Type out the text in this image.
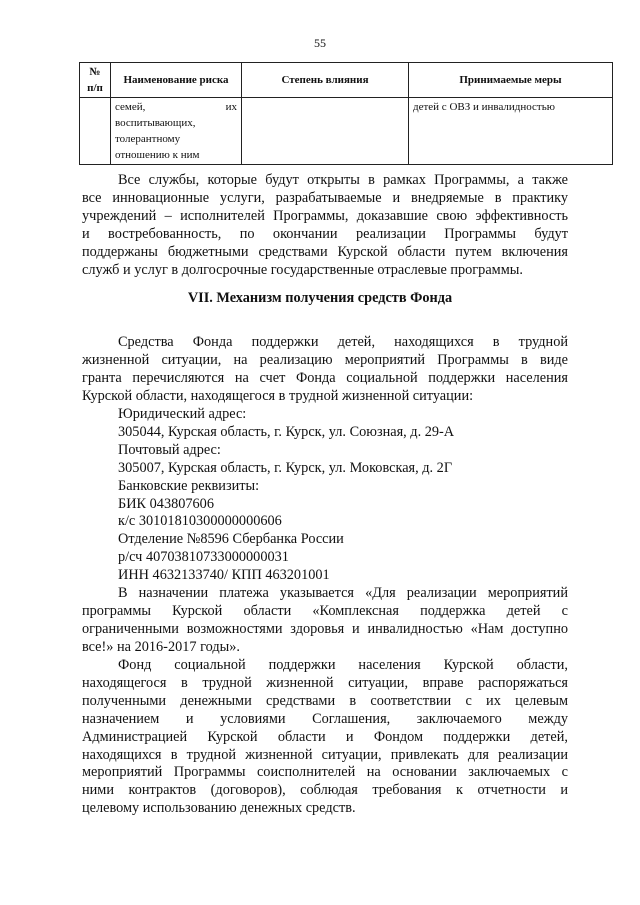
55
№ п/п	Наименование риска	Степень влияния	Принимаемые меры

	семей, их
воспитывающих,
толерантному
отношению к ним		детей с ОВЗ и инвалидностью

Все службы, которые будут открыты в рамках Программы, а также

все инновационные услуги, разрабатываемые и внедряемые в практику

учреждений – исполнителей Программы, доказавшие свою эффективность

и востребованность, по окончании реализации Программы будут

поддержаны бюджетными средствами Курской области путем включения

служб и услуг в долгосрочные государственные отраслевые программы.

VII. Механизм получения средств Фонда

Средства Фонда поддержки детей, находящихся в трудной

жизненной ситуации, на реализацию мероприятий Программы в виде

гранта перечисляются на счет Фонда социальной поддержки населения

Курской области, находящегося в трудной жизненной ситуации:

Юридический адрес:
305044, Курская область, г. Курск, ул. Союзная, д. 29-А
Почтовый адрес:
305007, Курская область, г. Курск, ул. Моковская, д. 2Г
Банковские реквизиты:
БИК 043807606
к/с 30101810300000000606
Отделение №8596 Сбербанка России
р/сч 40703810733000000031
ИНН 4632133740/ КПП 463201001

В назначении платежа указывается «Для реализации мероприятий

программы Курской области «Комплексная поддержка детей с

ограниченными возможностями здоровья и инвалидностью «Нам доступно

все!» на 2016-2017 годы».

Фонд социальной поддержки населения Курской области,

находящегося в трудной жизненной ситуации, вправе распоряжаться

полученными денежными средствами в соответствии с их целевым

назначением и условиями Соглашения, заключаемого между

Администрацией Курской области и Фондом поддержки детей,

находящихся в трудной жизненной ситуации, привлекать для реализации

мероприятий Программы соисполнителей на основании заключаемых с

ними контрактов (договоров), соблюдая требования к отчетности и

целевому использованию денежных средств.
